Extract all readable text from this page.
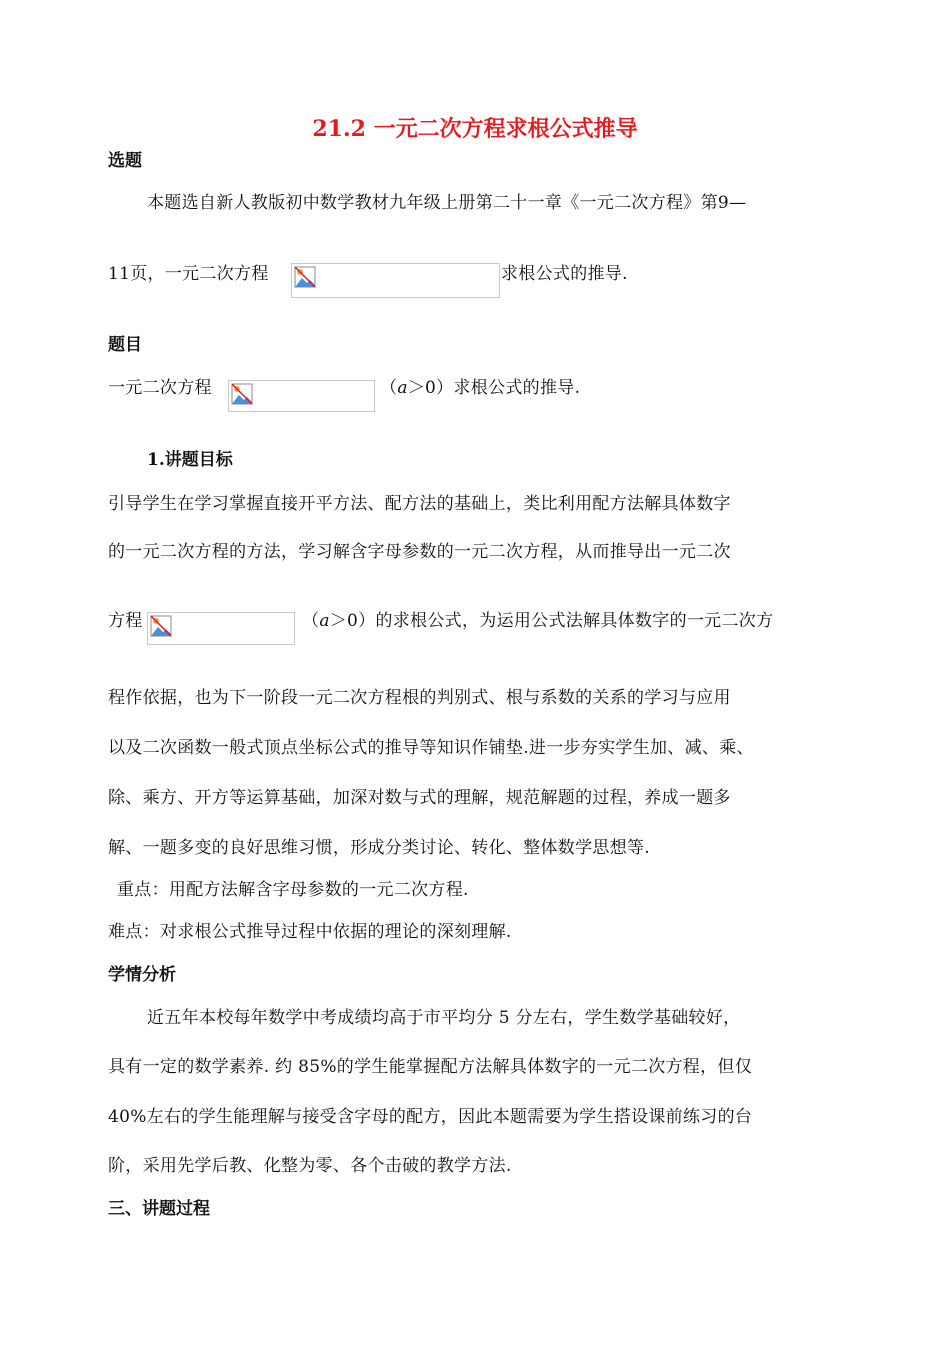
21.2 一元二次方程求根公式推导
选题
本题选自新人教版初中数学教材九年级上册第二十一章《一元二次方程》第9—
11页，一元二次方程	求根公式的推导.
题目
一元二次方程	（a＞0）求根公式的推导.
1.讲题目标
引导学生在学习掌握直接开平方法、配方法的基础上，类比利用配方法解具体数字
的一元二次方程的方法，学习解含字母参数的一元二次方程，从而推导出一元二次
方程	（a＞0）的求根公式，为运用公式法解具体数字的一元二次方
程作依据，也为下一阶段一元二次方程根的判别式、根与系数的关系的学习与应用
以及二次函数一般式顶点坐标公式的推导等知识作铺垫.进一步夯实学生加、减、乘、
除、乘方、开方等运算基础，加深对数与式的理解，规范解题的过程，养成一题多
解、一题多变的良好思维习惯，形成分类讨论、转化、整体数学思想等.
重点：用配方法解含字母参数的一元二次方程.
难点：对求根公式推导过程中依据的理论的深刻理解.
学情分析
近五年本校每年数学中考成绩均高于市平均分 5 分左右，学生数学基础较好，
具有一定的数学素养. 约 85%的学生能掌握配方法解具体数字的一元二次方程，但仅
40%左右的学生能理解与接受含字母的配方，因此本题需要为学生搭设课前练习的台
阶，采用先学后教、化整为零、各个击破的教学方法.
三、讲题过程
